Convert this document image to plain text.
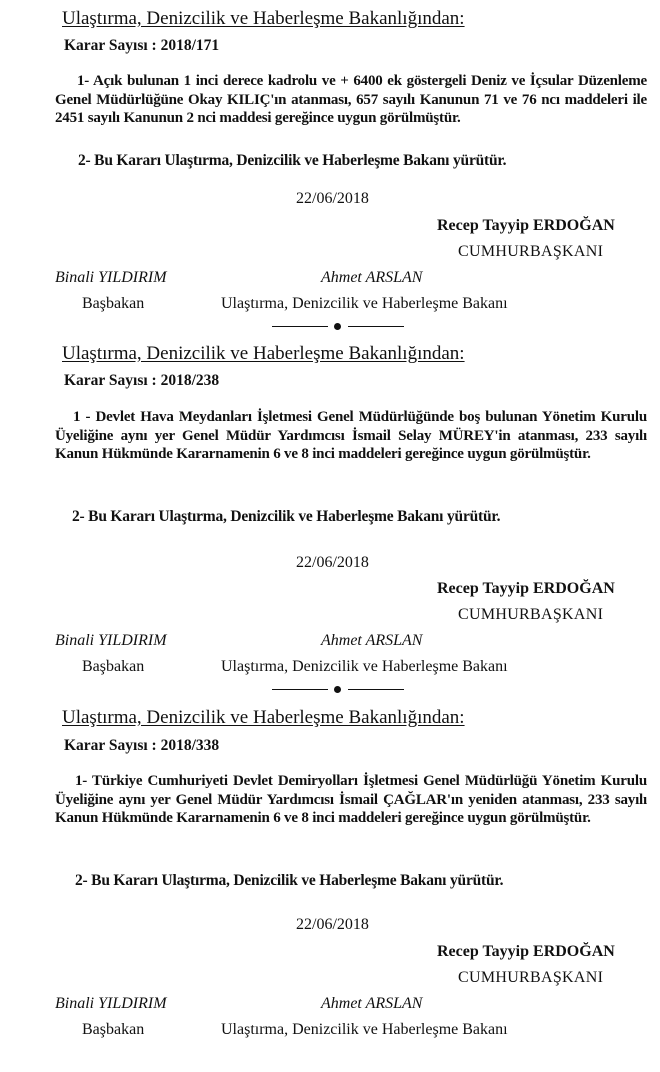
Ulaştırma, Denizcilik ve Haberleşme Bakanlığından:
Karar Sayısı : 2018/171
1- Açık bulunan 1 inci derece kadrolu ve + 6400 ek göstergeli Deniz ve İçsular Düzenleme Genel Müdürlüğüne Okay KILIÇ'ın atanması, 657 sayılı Kanunun 71 ve 76 ncı maddeleri ile 2451 sayılı Kanunun 2 nci maddesi gereğince uygun görülmüştür.
2- Bu Kararı Ulaştırma, Denizcilik ve Haberleşme Bakanı yürütür.
22/06/2018
Recep Tayyip ERDOĞAN
CUMHURBAŞKANI
Binali YILDIRIM	Ahmet ARSLAN
Başbakan	Ulaştırma, Denizcilik ve Haberleşme Bakanı
Ulaştırma, Denizcilik ve Haberleşme Bakanlığından:
Karar Sayısı : 2018/238
1 - Devlet Hava Meydanları İşletmesi Genel Müdürlüğünde boş bulunan Yönetim Kurulu Üyeliğine aynı yer Genel Müdür Yardımcısı İsmail Selay MÜREY'in atanması, 233 sayılı Kanun Hükmünde Kararnamenin 6 ve 8 inci maddeleri gereğince uygun görülmüştür.
2- Bu Kararı Ulaştırma, Denizcilik ve Haberleşme Bakanı yürütür.
22/06/2018
Recep Tayyip ERDOĞAN
CUMHURBAŞKANI
Binali YILDIRIM	Ahmet ARSLAN
Başbakan	Ulaştırma, Denizcilik ve Haberleşme Bakanı
Ulaştırma, Denizcilik ve Haberleşme Bakanlığından:
Karar Sayısı : 2018/338
1- Türkiye Cumhuriyeti Devlet Demiryolları İşletmesi Genel Müdürlüğü Yönetim Kurulu Üyeliğine aynı yer Genel Müdür Yardımcısı İsmail ÇAĞLAR'ın yeniden atanması, 233 sayılı Kanun Hükmünde Kararnamenin 6 ve 8 inci maddeleri gereğince uygun görülmüştür.
2- Bu Kararı Ulaştırma, Denizcilik ve Haberleşme Bakanı yürütür.
22/06/2018
Recep Tayyip ERDOĞAN
CUMHURBAŞKANI
Binali YILDIRIM	Ahmet ARSLAN
Başbakan	Ulaştırma, Denizcilik ve Haberleşme Bakanı
